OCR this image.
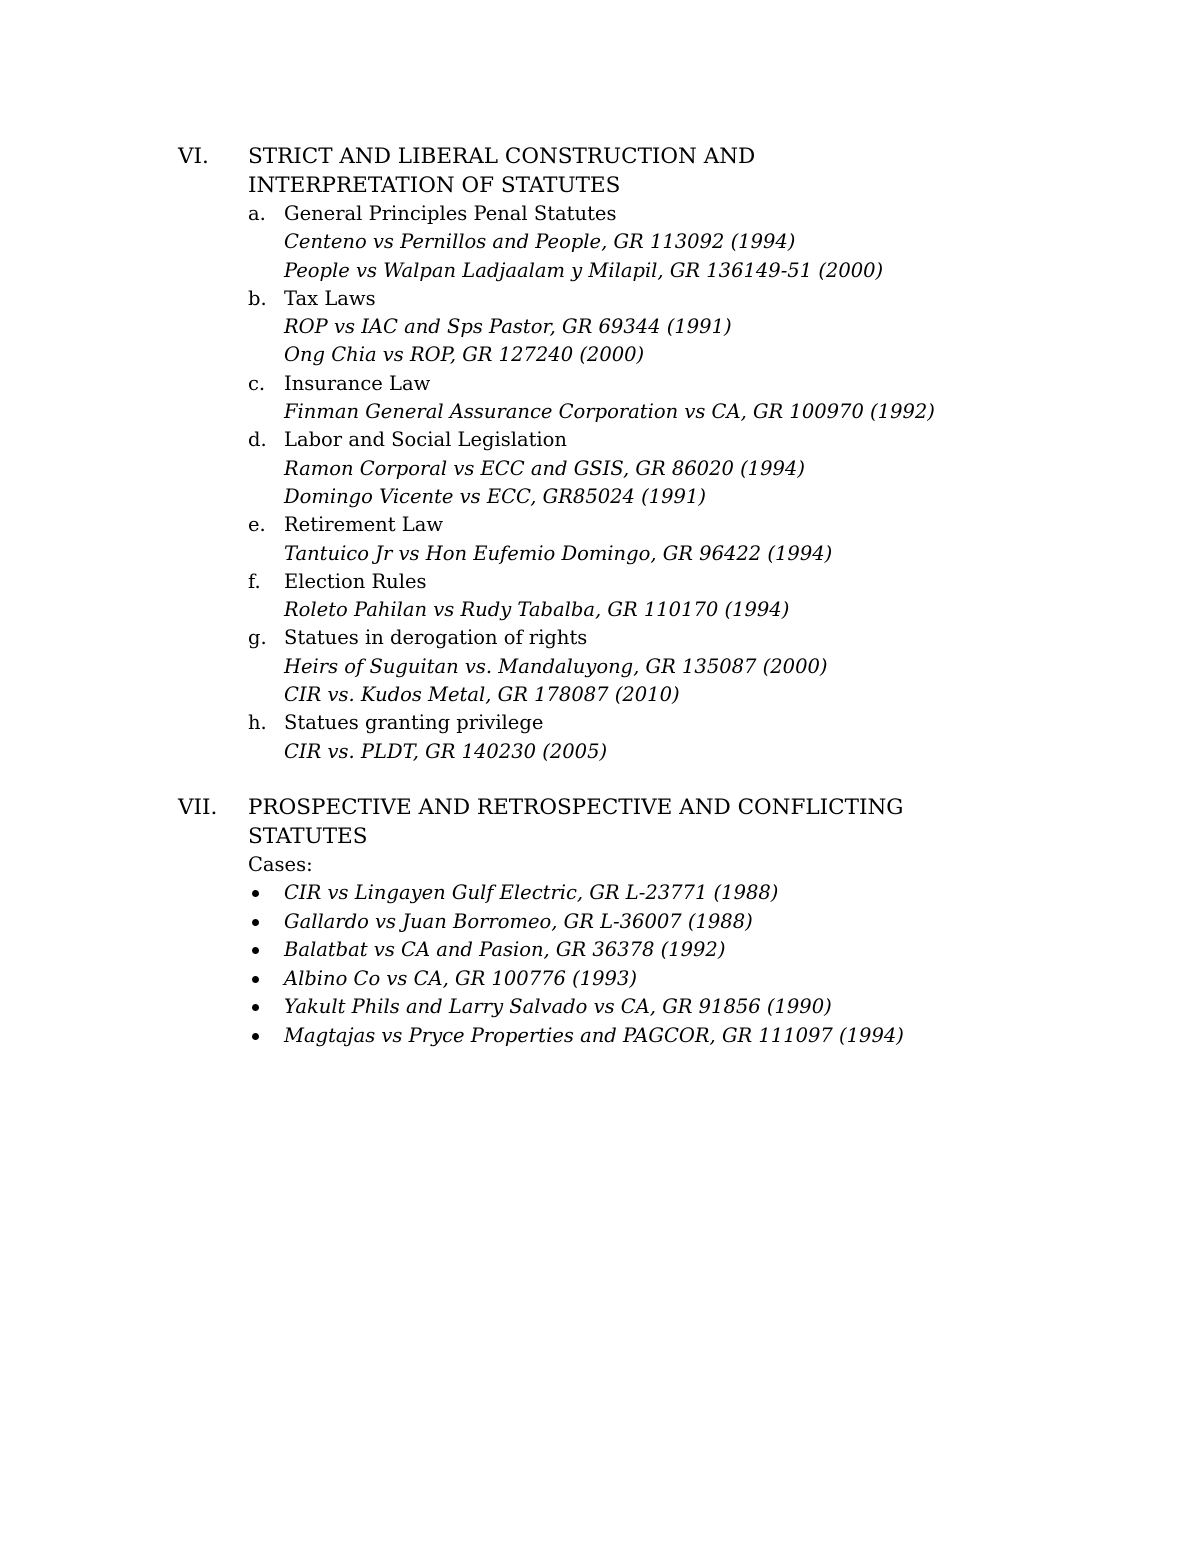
VI.	STRICT AND LIBERAL CONSTRUCTION AND
INTERPRETATION OF STATUTES
a. General Principles Penal Statutes
Centeno vs Pernillos and People, GR 113092 (1994)
People vs Walpan Ladjaalam y Milapil, GR 136149-51 (2000)
b. Tax Laws
ROP vs IAC and Sps Pastor, GR 69344 (1991)
Ong Chia vs ROP, GR 127240 (2000)
c. Insurance Law
Finman General Assurance Corporation vs CA, GR 100970 (1992)
d. Labor and Social Legislation
Ramon Corporal vs ECC and GSIS, GR 86020 (1994)
Domingo Vicente vs ECC, GR85024 (1991)
e. Retirement Law
Tantuico Jr vs Hon Eufemio Domingo, GR 96422 (1994)
f.	Election Rules
Roleto Pahilan vs Rudy Tabalba, GR 110170 (1994)
g. Statues in derogation of rights
Heirs of Suguitan vs. Mandaluyong, GR 135087 (2000)
CIR vs. Kudos Metal, GR 178087 (2010)
h. Statues granting privilege
CIR vs. PLDT, GR 140230 (2005)
VII.	PROSPECTIVE AND RETROSPECTIVE AND CONFLICTING
STATUTES
Cases:
CIR vs Lingayen Gulf Electric, GR L-23771 (1988)
Gallardo vs Juan Borromeo, GR L-36007 (1988)
Balatbat vs CA and Pasion, GR 36378 (1992)
Albino Co vs CA, GR 100776 (1993)
Yakult Phils and Larry Salvado vs CA, GR 91856 (1990)
Magtajas vs Pryce Properties and PAGCOR, GR 111097 (1994)
